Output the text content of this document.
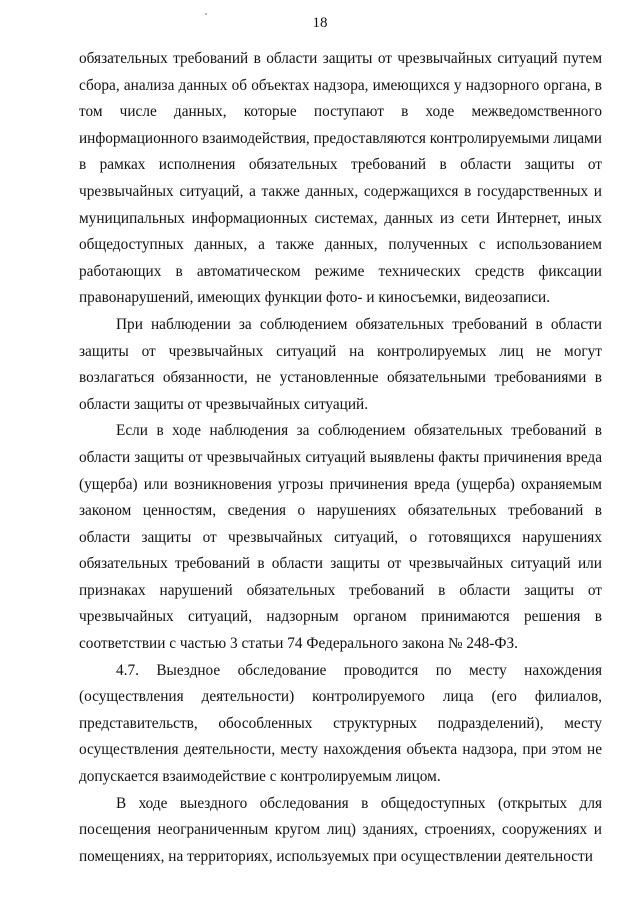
18

обязательных требований в области защиты от чрезвычайных ситуаций путем сбора, анализа данных об объектах надзора, имеющихся у надзорного органа, в том числе данных, которые поступают в ходе межведомственного информационного взаимодействия, предоставляются контролируемыми лицами в рамках исполнения обязательных требований в области защиты от чрезвычайных ситуаций, а также данных, содержащихся в государственных и муниципальных информационных системах, данных из сети Интернет, иных общедоступных данных, а также данных, полученных с использованием работающих в автоматическом режиме технических средств фиксации правонарушений, имеющих функции фото- и киносъемки, видеозаписи.

При наблюдении за соблюдением обязательных требований в области защиты от чрезвычайных ситуаций на контролируемых лиц не могут возлагаться обязанности, не установленные обязательными требованиями в области защиты от чрезвычайных ситуаций.

Если в ходе наблюдения за соблюдением обязательных требований в области защиты от чрезвычайных ситуаций выявлены факты причинения вреда (ущерба) или возникновения угрозы причинения вреда (ущерба) охраняемым законом ценностям, сведения о нарушениях обязательных требований в области защиты от чрезвычайных ситуаций, о готовящихся нарушениях обязательных требований в области защиты от чрезвычайных ситуаций или признаках нарушений обязательных требований в области защиты от чрезвычайных ситуаций, надзорным органом принимаются решения в соответствии с частью 3 статьи 74 Федерального закона № 248-ФЗ.

4.7. Выездное обследование проводится по месту нахождения (осуществления деятельности) контролируемого лица (его филиалов, представительств, обособленных структурных подразделений), месту осуществления деятельности, месту нахождения объекта надзора, при этом не допускается взаимодействие с контролируемым лицом.

В ходе выездного обследования в общедоступных (открытых для посещения неограниченным кругом лиц) зданиях, строениях, сооружениях и помещениях, на территориях, используемых при осуществлении деятельности
